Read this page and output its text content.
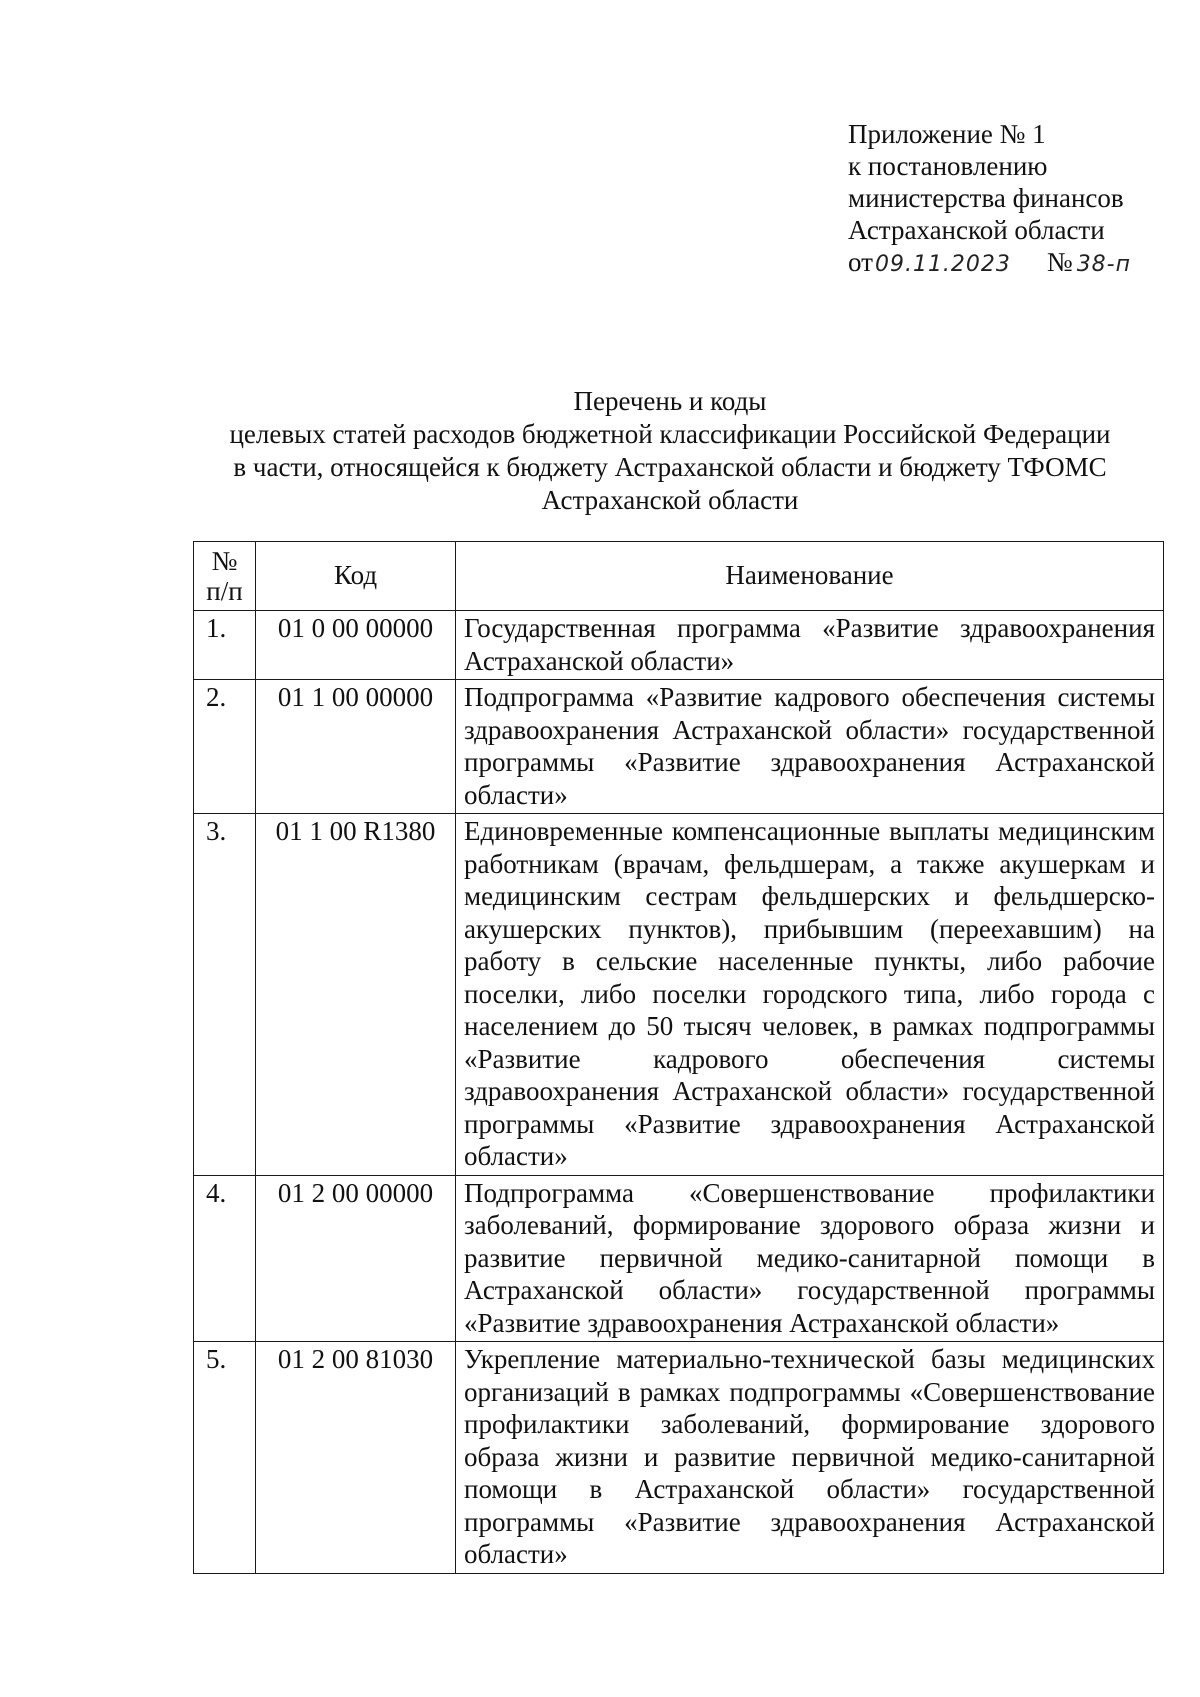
Приложение № 1
к постановлению
министерства финансов
Астраханской области
от09.11.2023 № 38-п
Перечень и коды
целевых статей расходов бюджетной классификации Российской Федерации
в части, относящейся к бюджету Астраханской области и бюджету ТФОМС
Астраханской области
№
п/п	Код	Наименование
1.	01 0 00 00000	Государственная программа «Развитие здравоохранения Астраханской области»
2.	01 1 00 00000	Подпрограмма «Развитие кадрового обеспечения системы здравоохранения Астраханской области» государственной программы «Развитие здравоохранения Астраханской области»
3.	01 1 00 R1380	Единовременные компенсационные выплаты медицинским работникам (врачам, фельдшерам, а также акушеркам и медицинским сестрам фельдшерских и фельдшерско-акушерских пунктов), прибывшим (переехавшим) на работу в сельские населенные пункты, либо рабочие поселки, либо поселки городского типа, либо города с населением до 50 тысяч человек, в рамках подпрограммы «Развитие кадрового обеспечения системы здравоохранения Астраханской области» государственной программы «Развитие здравоохранения Астраханской области»
4.	01 2 00 00000	Подпрограмма «Совершенствование профилактики заболеваний, формирование здорового образа жизни и развитие первичной медико-санитарной помощи в Астраханской области» государственной программы «Развитие здравоохранения Астраханской области»
5.	01 2 00 81030	Укрепление материально-технической базы медицинских организаций в рамках подпрограммы «Совершенствование профилактики заболеваний, формирование здорового образа жизни и развитие первичной медико-санитарной помощи в Астраханской области» государственной программы «Развитие здравоохранения Астраханской области»
